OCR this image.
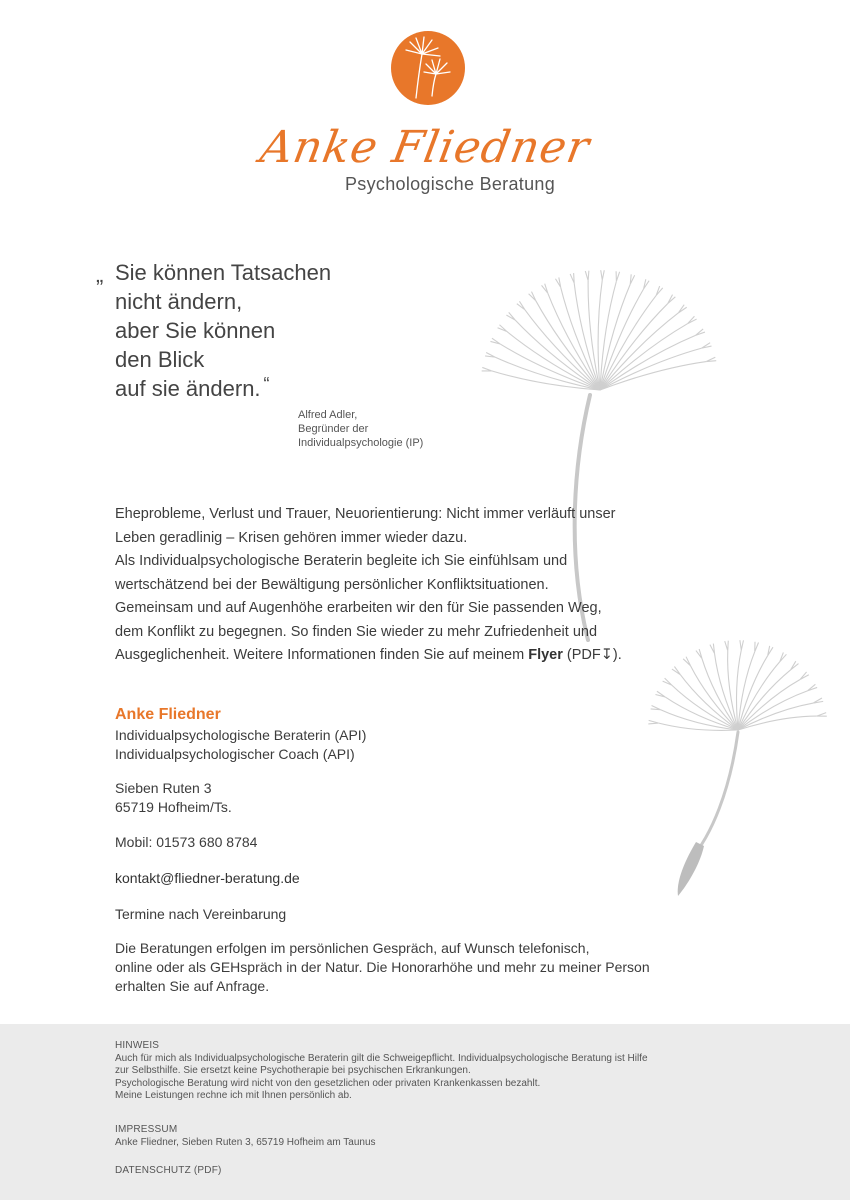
Anke Fliedner
Psychologische Beratung
„ Sie können Tatsachen
nicht ändern,
aber Sie können
den Blick
auf sie ändern. “
Alfred Adler,
Begründer der
Individualpsychologie (IP)
Eheprobleme, Verlust und Trauer, Neuorientierung: Nicht immer verläuft unser
Leben geradlinig – Krisen gehören immer wieder dazu.
Als Individualpsychologische Beraterin begleite ich Sie einfühlsam und
wertschätzend bei der Bewältigung persönlicher Konfliktsituationen.
Gemeinsam und auf Augenhöhe erarbeiten wir den für Sie passenden Weg,
dem Konflikt zu begegnen. So finden Sie wieder zu mehr Zufriedenheit und
Ausgeglichenheit. Weitere Informationen finden Sie auf meinem Flyer (PDF↧).
Anke Fliedner
Individualpsychologische Beraterin (API)
Individualpsychologischer Coach (API)
Sieben Ruten 3
65719 Hofheim/Ts.
Mobil: 01573 680 8784
kontakt@fliedner-beratung.de
Termine nach Vereinbarung
Die Beratungen erfolgen im persönlichen Gespräch, auf Wunsch telefonisch,
online oder als GEHspräch in der Natur. Die Honorarhöhe und mehr zu meiner Person
erhalten Sie auf Anfrage.
HINWEIS
Auch für mich als Individualpsychologische Beraterin gilt die Schweigepflicht. Individualpsychologische Beratung ist Hilfe
zur Selbsthilfe. Sie ersetzt keine Psychotherapie bei psychischen Erkrankungen.
Psychologische Beratung wird nicht von den gesetzlichen oder privaten Krankenkassen bezahlt.
Meine Leistungen rechne ich mit Ihnen persönlich ab.
IMPRESSUM
Anke Fliedner, Sieben Ruten 3, 65719 Hofheim am Taunus
DATENSCHUTZ (PDF)
